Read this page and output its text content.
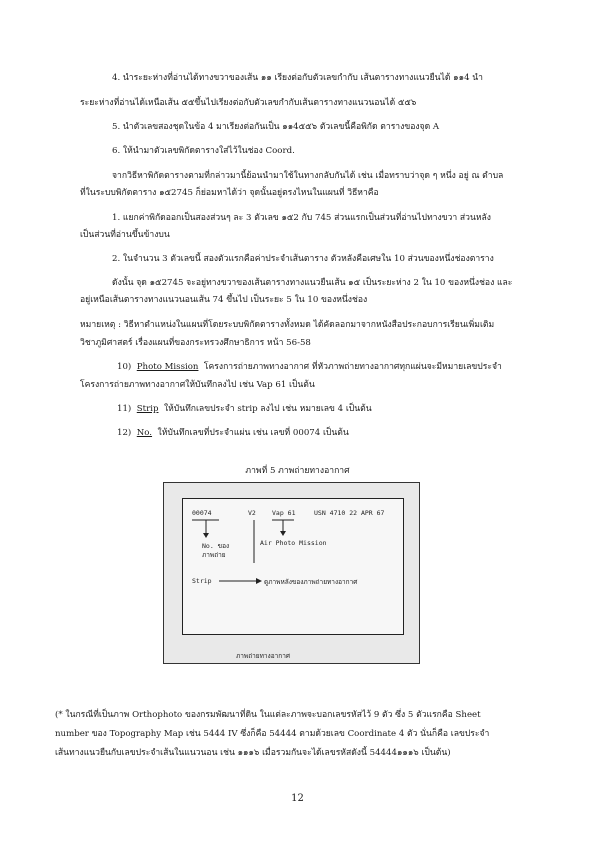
4. นำระยะห่างที่อ่านได้ทางขวาของเส้น ๑๑ เรียงต่อกับตัวเลขกำกับ เส้นตารางทางแนวยืนได้ ๑๑4 นำ
ระยะห่างที่อ่านได้เหนือเส้น ๕๕ขึ้นไปเรียงต่อกับตัวเลขกำกับเส้นตารางทางแนวนอนได้ ๕๕๖
5. นำตัวเลขสองชุดในข้อ 4 มาเรียงต่อกันเป็น ๑๑4๕๕๖ ตัวเลขนี้คือพิกัด ตารางของจุด A
6. ให้นำมาตัวเลขพิกัดตารางใส่ไว้ในช่อง Coord.
จากวิธีหาพิกัดตารางตามที่กล่าวมานี้ย้อนนำมาใช้ในทางกลับกันได้ เช่น เมื่อทราบว่าจุด ๆ หนึ่ง อยู่ ณ ตำบล
ที่ในระบบพิกัดตาราง ๑๕2745 ก็ย่อมหาได้ว่า จุดนั้นอยู่ตรงไหนในแผนที่ วิธีหาคือ
1. แยกค่าพิกัดออกเป็นสองส่วนๆ ละ 3 ตัวเลข ๑๕2 กับ 745 ส่วนแรกเป็นส่วนที่อ่านไปทางขวา ส่วนหลัง
เป็นส่วนที่อ่านขึ้นข้างบน
2. ในจำนวน 3 ตัวเลขนี้ สองตัวแรกคือค่าประจำเส้นตาราง ตัวหลังคือเศษใน 10 ส่วนของหนึ่งช่องตาราง
ดังนั้น จุด ๑๕2745 จะอยู่ทางขวาของเส้นตารางทางแนวยืนเส้น ๑๕ เป็นระยะห่าง 2 ใน 10 ของหนึ่งช่อง และ
อยู่เหนือเส้นตารางทางแนวนอนเส้น 74 ขึ้นไป เป็นระยะ 5 ใน 10 ของหนึ่งช่อง
หมายเหตุ : วิธีหาตำแหน่งในแผนที่โดยระบบพิกัดตารางทั้งหมด ได้คัดลอกมาจากหนังสือประกอบการเรียนเพิ่มเติม
วิชาภูมิศาสตร์ เรื่องแผนที่ของกระทรวงศึกษาธิการ หน้า 56-58
10) Photo Mission โครงการถ่ายภาพทางอากาศ ที่หัวภาพถ่ายทางอากาศทุกแผ่นจะมีหมายเลขประจำ
โครงการถ่ายภาพทางอากาศให้บันทึกลงไป เช่น Vap 61 เป็นต้น
11) Strip ให้บันทึกเลขประจำ strip ลงไป เช่น หมายเลข 4 เป็นต้น
12) No. ให้บันทึกเลขที่ประจำแผ่น เช่น เลขที่ 00074 เป็นต้น
ภาพที่ 5 ภาพถ่ายทางอากาศ
00074	V2 Vap 61	USN 4710 22 APR 67
No. ของ
ภาพถ่าย
Air Photo Mission
Strip	ดูภาพหลังของภาพถ่ายทางอากาศ
ภาพถ่ายทางอากาศ
(* ในกรณีที่เป็นภาพ Orthophoto ของกรมพัฒนาที่ดิน ในแต่ละภาพจะบอกเลขรหัสไว้ 9 ตัว ซึ่ง 5 ตัวแรกคือ Sheet
number ของ Topography Map เช่น 5444 IV ซึ่งก็คือ 54444 ตามด้วยเลข Coordinate 4 ตัว นั่นก็คือ เลขประจำ
เส้นทางแนวยืนกับเลขประจำเส้นในแนวนอน เช่น ๑๑๑๖ เมื่อรวมกันจะได้เลขรหัสดังนี้ 54444๑๑๑๖ เป็นต้น)
12
